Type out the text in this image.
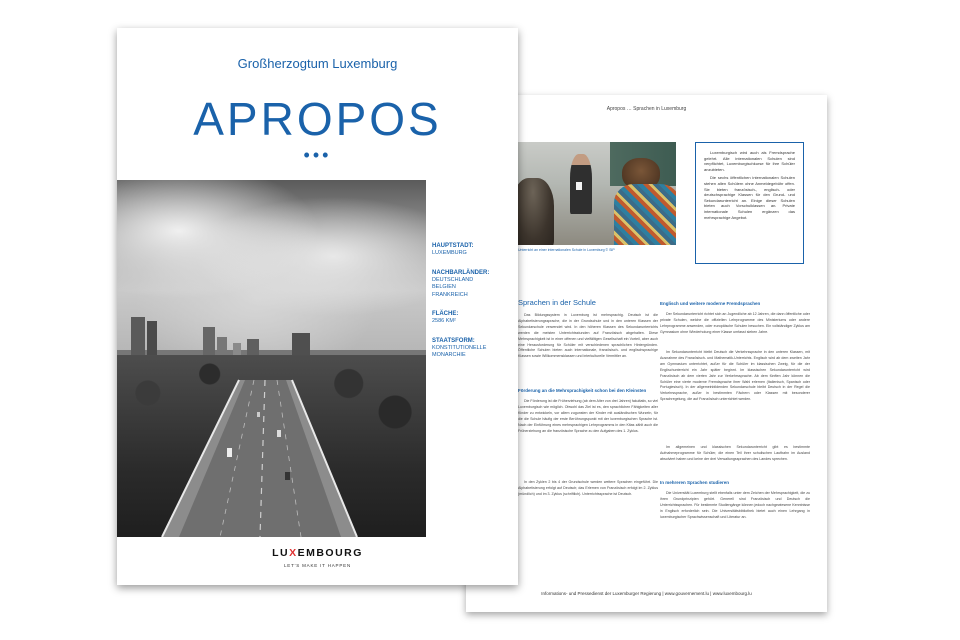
Apropos … Sprachen in Luxemburg
Unterricht an einer internationalen Schule in Luxemburg © SIP

Luxemburgisch wird auch als Fremdsprache gelehrt. Alle internationalen Schulen sind verpflichtet, Luxemburgischkurse für ihre Schüler anzubieten.

Die sechs öffentlichen internationalen Schulen stehen allen Schülern ohne Anmeldegebühr offen. Sie bieten französisch-, englisch- oder deutschsprachige Klassen für den Grund- und Sekundarunterricht an. Einige dieser Schulen bieten auch Vorschulklassen an. Private internationale Schulen ergänzen das mehrsprachige Angebot.

Sprachen in der Schule

Das Bildungssystem in Luxemburg ist mehrsprachig. Deutsch ist die Alphabetisierungssprache, die in der Grundschule und in den unteren Klassen der Sekundarschule verwendet wird. In den höheren Klassen des Sekundarunterrichts werden die meisten Unterrichtsstunden auf Französisch abgehalten. Diese Mehrsprachigkeit ist in einer offenen und vielfältigen Gesellschaft ein Vorteil, aber auch eine Herausforderung für Schüler mit verschiedenen sprachlichen Hintergründen. Öffentliche Schulen bieten auch internationale, französisch- und englischsprachige Klassen sowie Willkommensklassen und interkulturelle Vermittler an.

Förderung an die Mehrsprachigkeit schon bei den Kleinsten

Die Förderung ist die Früherziehung (ab dem Alter von drei Jahren) fakultativ, so viel Luxemburgisch wie möglich. Obwohl das Ziel ist es, den sprachlichen Fähigkeiten aller Kinder zu entwickeln, vor allem zugunsten der Kinder mit ausländischen Wurzeln, für die die Schule häufig der erste Berührungspunkt mit der luxemburgischen Sprache ist. Nach der Einführung eines mehrsprachigen Lehrprogramms in den Kitas zählt auch die Früherziehung an die französische Sprache zu den Aufgaben des 1. Zyklus.

In den Zyklen 2 bis 4 der Grundschule werden weitere Sprachen eingeführt. Die Alphabetisierung erfolgt auf Deutsch; das Erlernen von Französisch erfolgt im 2. Zyklus (mündlich) und im 3. Zyklus (schriftlich). Unterrichtssprache ist Deutsch.

Englisch und weitere moderne Fremdsprachen

Der Sekundarunterricht richtet sich an Jugendliche ab 12 Jahren, die dann öffentliche oder private Schulen, welche die offiziellen Lehrprogramme des Ministeriums oder andere Lehrprogramme anwenden, oder europäische Schulen besuchen. Ein vollständiger Zyklus am Gymnasium ohne Wiederholung einer Klasse umfasst sieben Jahre.

Im Sekundarunterricht bleibt Deutsch die Verkehrssprache in den unteren Klassen, mit Ausnahme des Französisch- und Mathematik-Unterrichts. Englisch wird ab dem zweiten Jahr am Gymnasium unterrichtet, außer für die Schüler im klassischen Zweig, für die der Englischunterricht ein Jahr später beginnt. Im klassischen Sekundarunterricht wird Französisch ab dem vierten Jahr zur Verkehrssprache. Ab dem fünften Jahr können die Schüler eine vierte moderne Fremdsprache ihrer Wahl erlernen (Italienisch, Spanisch oder Portugiesisch). In der allgemeinbildenden Sekundarschule bleibt Deutsch in der Regel die Verkehrssprache, außer in bestimmten Fächern oder Klassen mit besonderer Sprachregelung, die auf Französisch unterrichtet werden.

Im allgemeinen und klassischen Sekundarunterricht gibt es bestimmte Aufnahmeprogramme für Schüler, die einen Teil ihrer schulischen Laufbahn im Ausland absolviert haben und keine der drei Verwaltungssprachen des Landes sprechen.

In mehreren Sprachen studieren

Die Universität Luxemburg stellt ebenfalls unter dem Zeichen der Mehrsprachigkeit, die zu ihren Grundprinzipien gehört. Generell sind Französisch und Deutsch die Unterrichtssprachen. Für bestimmte Studiengänge können jedoch nachgewiesene Kenntnisse in Englisch erforderlich sein. Die Universitätsbibliothek bietet auch einen Lehrgang in luxemburgischer Sprachwissenschaft und Literatur an.

Informations- und Pressedienst der Luxemburger Regierung | www.gouvernement.lu | www.luxembourg.lu
Großherzogtum Luxemburg
APROPOS
•••
HAUPTSTADT:
LUXEMBURG
NACHBARLÄNDER:
DEUTSCHLAND BELGIEN FRANKREICH
FLÄCHE:
2586 KM²
STAATSFORM:
KONSTITUTIONELLE MONARCHIE
LUXEMBOURG
LET'S MAKE IT HAPPEN
